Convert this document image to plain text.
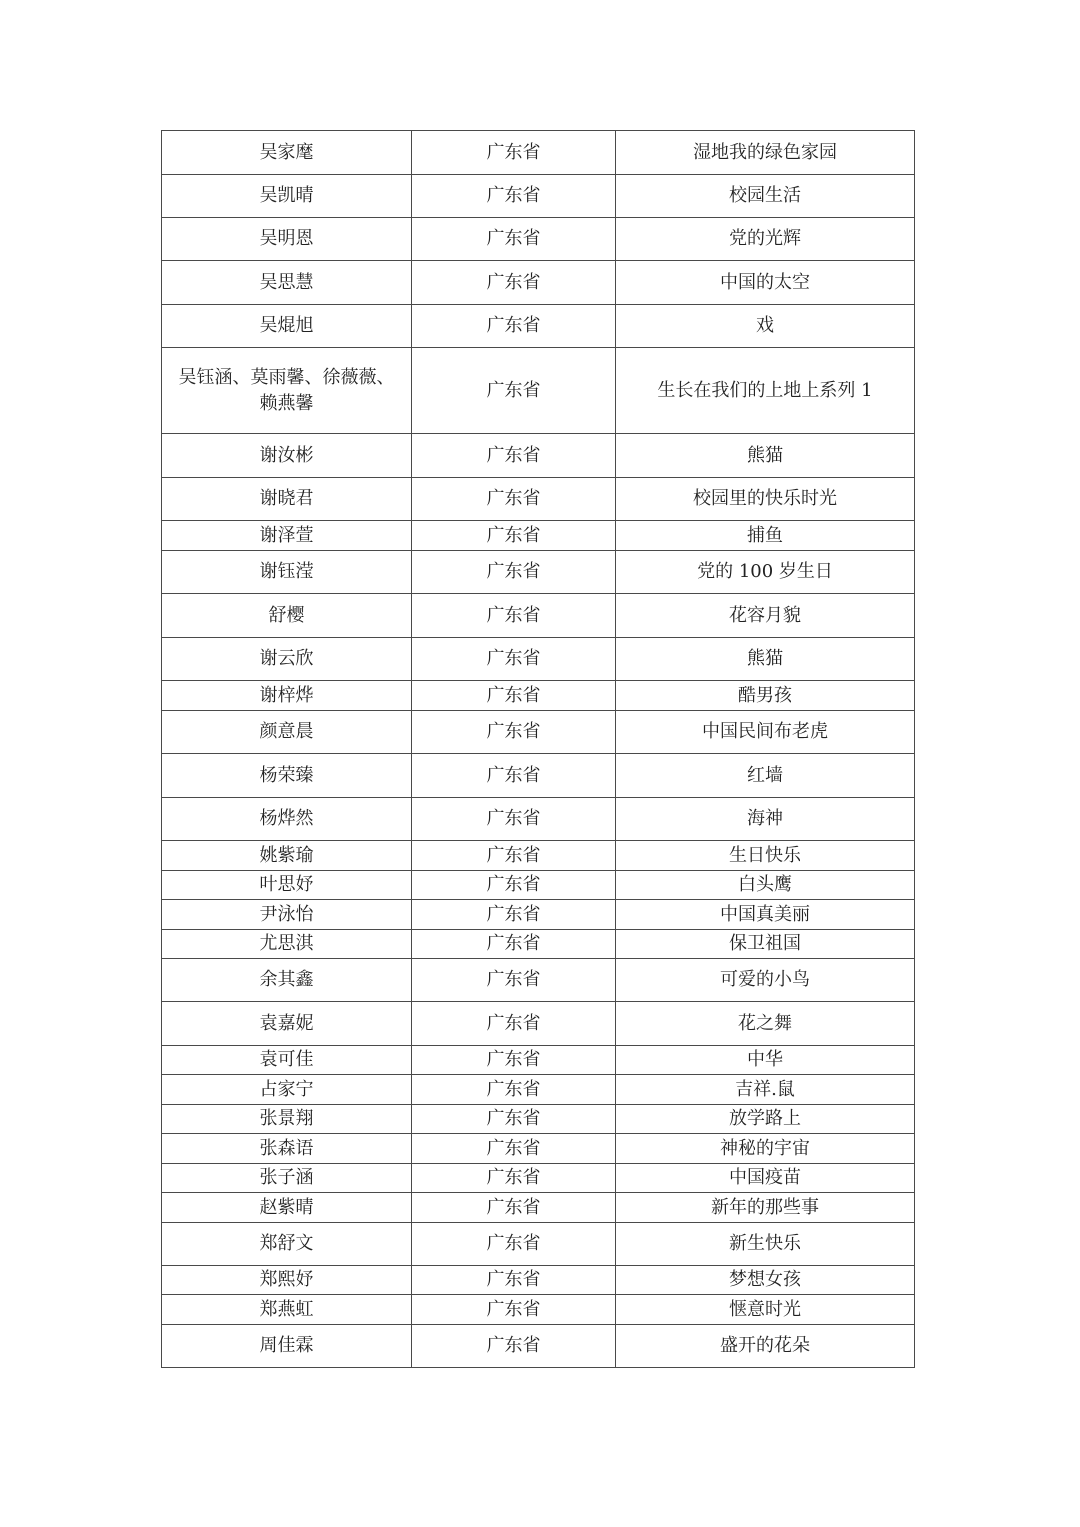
吴家麾	广东省	湿地我的绿色家园
吴凯晴	广东省	校园生活
吴明恩	广东省	党的光辉
吴思慧	广东省	中国的太空
吴焜旭	广东省	戏
吴钰涵、莫雨馨、徐薇薇、赖燕馨	广东省	生长在我们的上地上系列 1
谢汝彬	广东省	熊猫
谢晓君	广东省	校园里的快乐时光
谢泽萱	广东省	捕鱼
谢钰滢	广东省	党的 100 岁生日
舒樱	广东省	花容月貌
谢云欣	广东省	熊猫
谢梓烨	广东省	酷男孩
颜意晨	广东省	中国民间布老虎
杨荣臻	广东省	红墙
杨烨然	广东省	海神
姚紫瑜	广东省	生日快乐
叶思妤	广东省	白头鹰
尹泳怡	广东省	中国真美丽
尤思淇	广东省	保卫祖国
余其鑫	广东省	可爱的小鸟
袁嘉妮	广东省	花之舞
袁可佳	广东省	中华
占家宁	广东省	吉祥.鼠
张景翔	广东省	放学路上
张森语	广东省	神秘的宇宙
张子涵	广东省	中国疫苗
赵紫晴	广东省	新年的那些事
郑舒文	广东省	新生快乐
郑熙妤	广东省	梦想女孩
郑燕虹	广东省	惬意时光
周佳霖	广东省	盛开的花朵
